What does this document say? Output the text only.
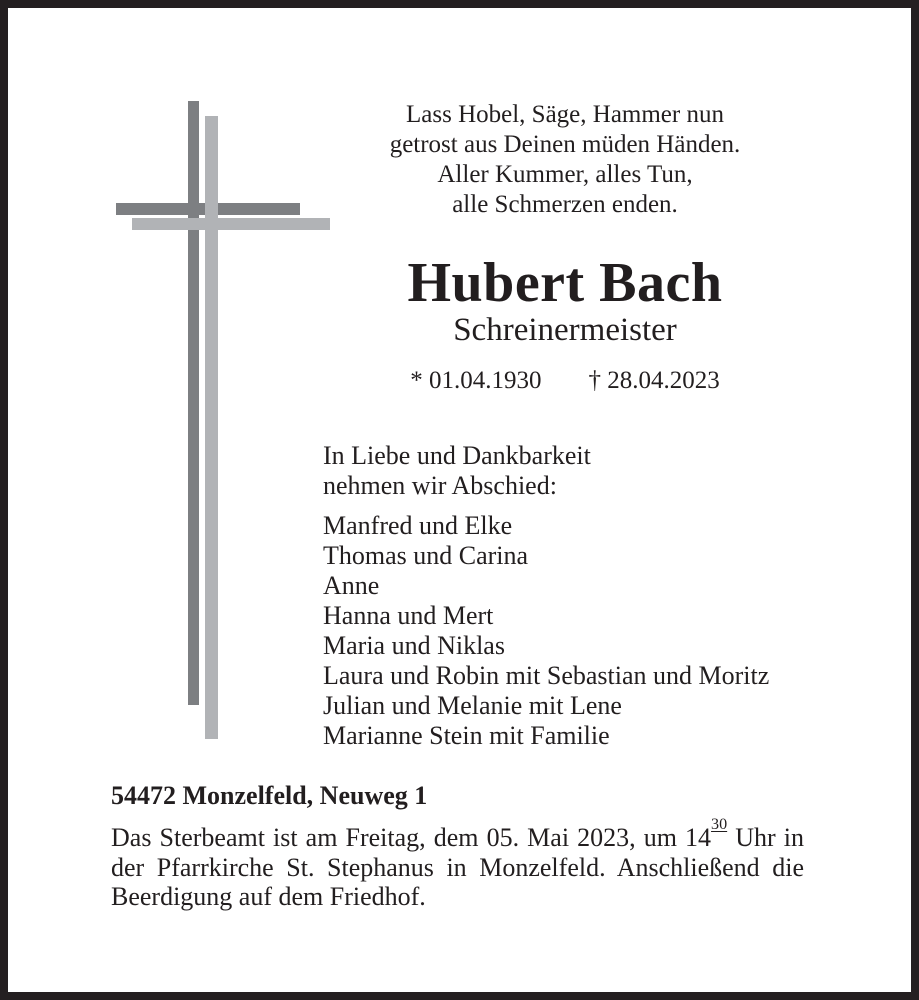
Lass Hobel, Säge, Hammer nun
getrost aus Deinen müden Händen.
Aller Kummer, alles Tun,
alle Schmerzen enden.
Hubert Bach
Schreinermeister
* 01.04.1930 † 28.04.2023
In Liebe und Dankbarkeit
nehmen wir Abschied:
Manfred und Elke
Thomas und Carina
Anne
Hanna und Mert
Maria und Niklas
Laura und Robin mit Sebastian und Moritz
Julian und Melanie mit Lene
Marianne Stein mit Familie
54472 Monzelfeld, Neuweg 1

Das Sterbeamt ist am Freitag, dem 05. Mai 2023, um $14^{30}$ Uhr in der Pfarrkirche St. Stephanus in Monzelfeld. Anschließend die Beerdigung auf dem Friedhof.
